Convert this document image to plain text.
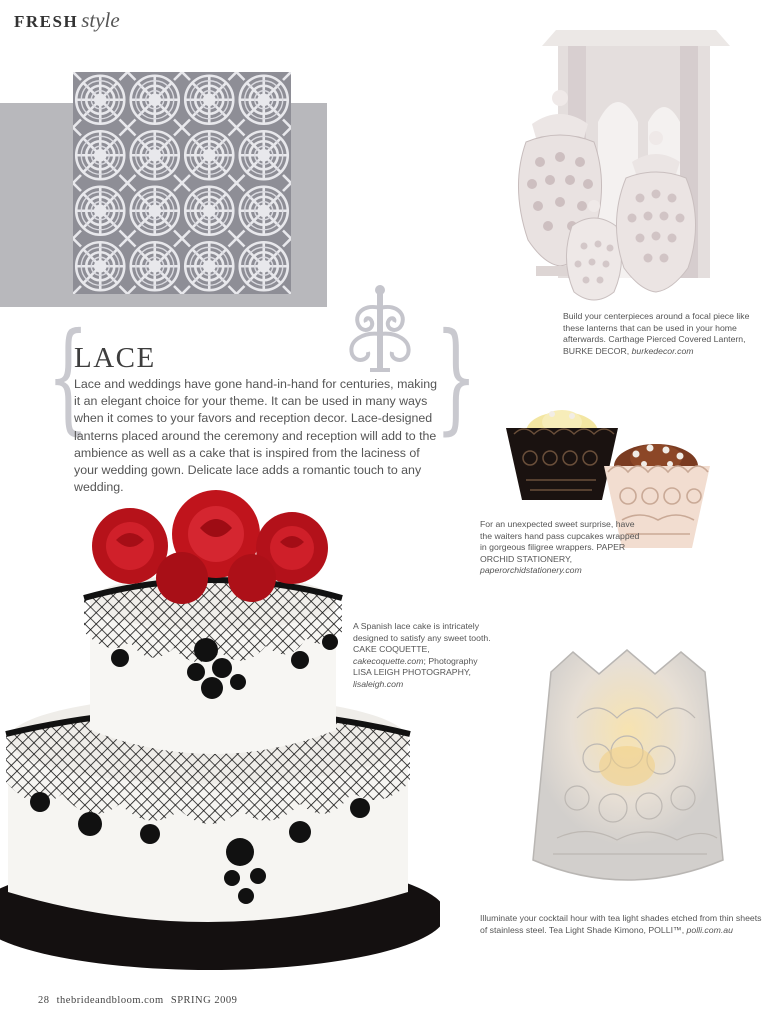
FRESH style
{	}
LACE
Lace and weddings have gone hand-in-hand for centuries, making it an elegant choice for your theme. It can be used in many ways when it comes to your favors and reception decor. Lace-designed lanterns placed around the ceremony and reception will add to the ambience as well as a cake that is inspired from the laciness of your wedding gown. Delicate lace adds a romantic touch to any wedding.
Build your centerpieces around a focal piece like these lanterns that can be used in your home afterwards. Carthage Pierced Covered Lantern, BURKE DECOR, burkedecor.com
For an unexpected sweet surprise, have the waiters hand pass cupcakes wrapped in gorgeous filigree wrappers. PAPER ORCHID STATIONERY, paperorchidstationery.com
A Spanish lace cake is intricately designed to satisfy any sweet tooth. CAKE COQUETTE, cakecoquette.com; Photography LISA LEIGH PHOTOGRAPHY, lisaleigh.com
Illuminate your cocktail hour with tea light shades etched from thin sheets of stainless steel. Tea Light Shade Kimono, POLLI™, polli.com.au
28 thebrideandbloom.com SPRING 2009
